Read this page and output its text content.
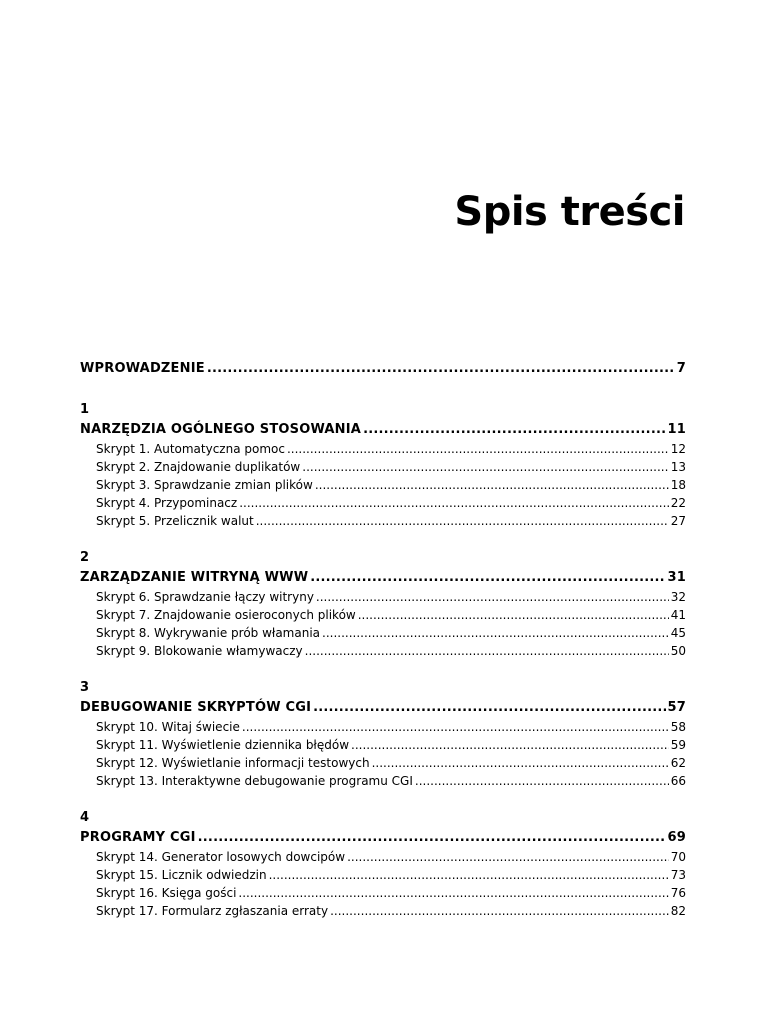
Spis treści
WPROWADZENIE .....	7
1
NARZĘDZIA OGÓLNEGO STOSOWANIA .....	11
Skrypt 1. Automatyczna pomoc .....	12
Skrypt 2. Znajdowanie duplikatów .....	13
Skrypt 3. Sprawdzanie zmian plików .....	18
Skrypt 4. Przypominacz .....	22
Skrypt 5. Przelicznik walut .....	27
2
ZARZĄDZANIE WITRYNĄ WWW .....	31
Skrypt 6. Sprawdzanie łączy witryny .....	32
Skrypt 7. Znajdowanie osieroconych plików .....	41
Skrypt 8. Wykrywanie prób włamania .....	45
Skrypt 9. Blokowanie włamywaczy .....	50
3
DEBUGOWANIE SKRYPTÓW CGI .....	57
Skrypt 10. Witaj świecie .....	58
Skrypt 11. Wyświetlenie dziennika błędów .....	59
Skrypt 12. Wyświetlanie informacji testowych .....	62
Skrypt 13. Interaktywne debugowanie programu CGI .....	66
4
PROGRAMY CGI .....	69
Skrypt 14. Generator losowych dowcipów .....	70
Skrypt 15. Licznik odwiedzin .....	73
Skrypt 16. Księga gości .....	76
Skrypt 17. Formularz zgłaszania erraty .....	82
